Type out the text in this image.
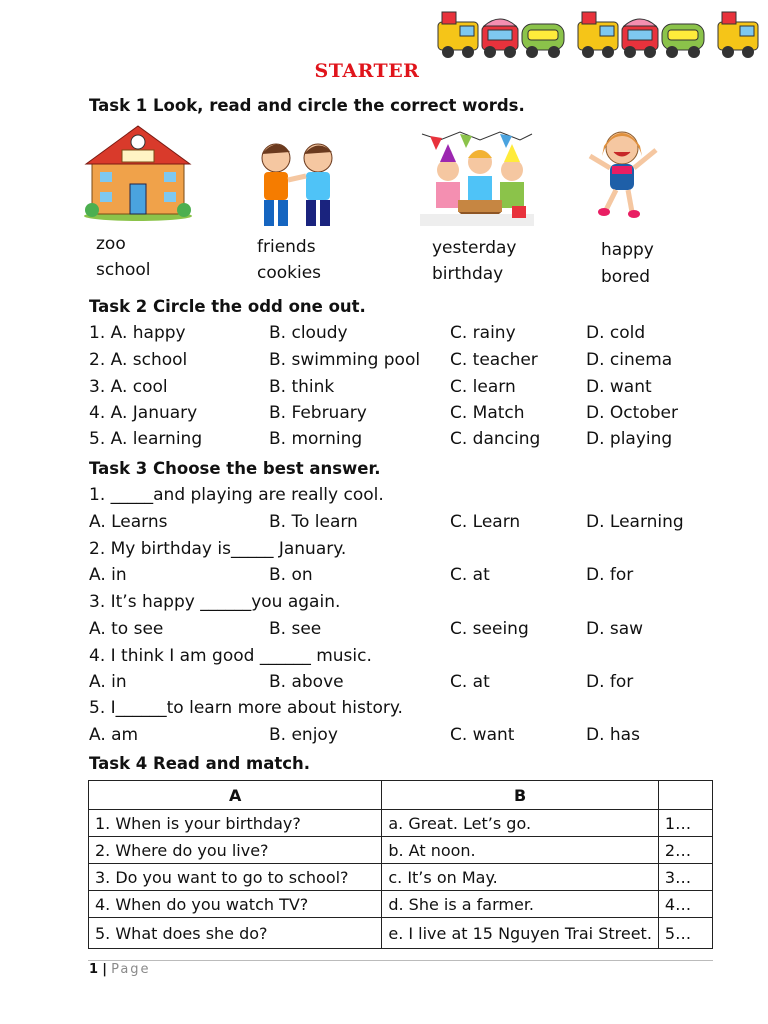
STARTER
Task 1 Look, read and circle the correct words.
zoo
school
friends
cookies
yesterday
birthday
happy
bored
Task 2 Circle the odd one out.
1. A. happy	B. cloudy	C. rainy	D. cold
2. A. school	B. swimming pool C. teacher	D. cinema
3. A. cool	B. think	C. learn	D. want
4. A. January	B. February	C. Match	D. October
5. A. learning	B. morning	C. dancing	D. playing
Task 3 Choose the best answer.
1. _____and playing are really cool.
A. Learns	B. To learn	C. Learn	D. Learning
2. My birthday is_____ January.
A. in	B. on	C. at	D. for
3. It’s happy ______you again.
A. to see	B. see	C. seeing	D. saw
4. I think I am good ______ music.
A. in	B. above	C. at	D. for
5. I______to learn more about history.
A. am	B. enjoy	C. want	D. has
Task 4 Read and match.
A	B	
1. When is your birthday?	a. Great. Let’s go.	1…
2. Where do you live?	b. At noon.	2…
3. Do you want to go to school?	c. It’s on May.	3…
4. When do you watch TV?	d. She is a farmer.	4…
5. What does she do?	e. I live at 15 Nguyen Trai Street.	5…
1 | Page
